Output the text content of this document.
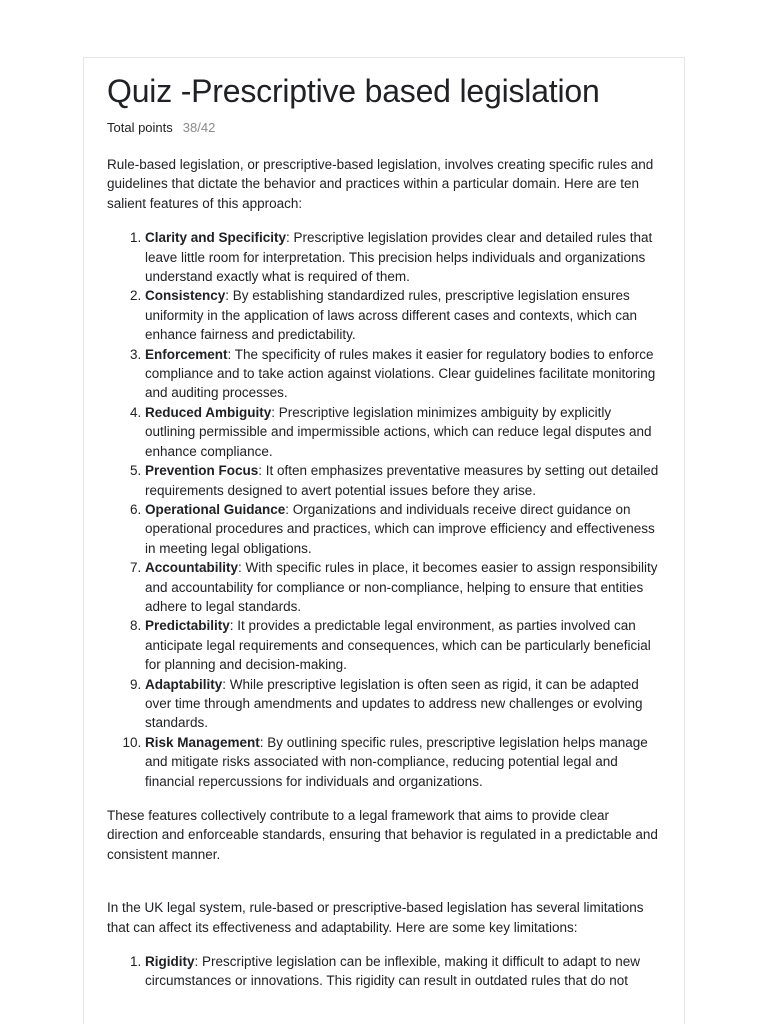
Quiz -Prescriptive based legislation
Total points 38/42

Rule-based legislation, or prescriptive-based legislation, involves creating specific rules and guidelines that dictate the behavior and practices within a particular domain. Here are ten salient features of this approach:

1. Clarity and Specificity: Prescriptive legislation provides clear and detailed rules that leave little room for interpretation. This precision helps individuals and organizations understand exactly what is required of them.
2. Consistency: By establishing standardized rules, prescriptive legislation ensures uniformity in the application of laws across different cases and contexts, which can enhance fairness and predictability.
3. Enforcement: The specificity of rules makes it easier for regulatory bodies to enforce compliance and to take action against violations. Clear guidelines facilitate monitoring and auditing processes.
4. Reduced Ambiguity: Prescriptive legislation minimizes ambiguity by explicitly outlining permissible and impermissible actions, which can reduce legal disputes and enhance compliance.
5. Prevention Focus: It often emphasizes preventative measures by setting out detailed requirements designed to avert potential issues before they arise.
6. Operational Guidance: Organizations and individuals receive direct guidance on operational procedures and practices, which can improve efficiency and effectiveness in meeting legal obligations.
7. Accountability: With specific rules in place, it becomes easier to assign responsibility and accountability for compliance or non-compliance, helping to ensure that entities adhere to legal standards.
8. Predictability: It provides a predictable legal environment, as parties involved can anticipate legal requirements and consequences, which can be particularly beneficial for planning and decision-making.
9. Adaptability: While prescriptive legislation is often seen as rigid, it can be adapted over time through amendments and updates to address new challenges or evolving standards.
10. Risk Management: By outlining specific rules, prescriptive legislation helps manage and mitigate risks associated with non-compliance, reducing potential legal and financial repercussions for individuals and organizations.

These features collectively contribute to a legal framework that aims to provide clear direction and enforceable standards, ensuring that behavior is regulated in a predictable and consistent manner.

In the UK legal system, rule-based or prescriptive-based legislation has several limitations that can affect its effectiveness and adaptability. Here are some key limitations:

1. Rigidity: Prescriptive legislation can be inflexible, making it difficult to adapt to new circumstances or innovations. This rigidity can result in outdated rules that do not
